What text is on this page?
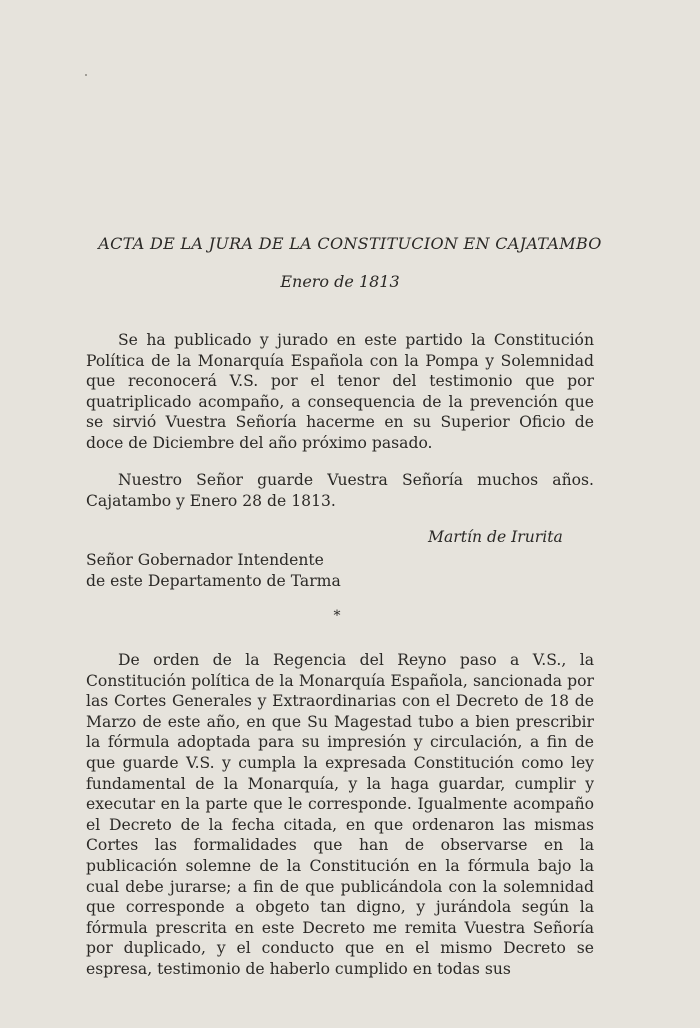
ACTA DE LA JURA DE LA CONSTITUCION EN CAJATAMBO
Enero de 1813

Se ha publicado y jurado en este partido la Constitución Política de la Monarquía Española con la Pompa y Solemnidad que reconocerá V.S. por el tenor del testimonio que por quatriplicado acompaño, a consequencia de la prevención que se sirvió Vuestra Señoría hacerme en su Superior Oficio de doce de Diciembre del año próximo pasado.

Nuestro Señor guarde Vuestra Señoría muchos años. Cajatambo y Enero 28 de 1813.

Martín de Irurita
Señor Gobernador Intendente
de este Departamento de Tarma
*

De orden de la Regencia del Reyno paso a V.S., la Constitución política de la Monarquía Española, sancionada por las Cortes Generales y Extraordinarias con el Decreto de 18 de Marzo de este año, en que Su Magestad tubo a bien prescribir la fórmula adoptada para su impresión y circulación, a fin de que guarde V.S. y cumpla la expresada Constitución como ley fundamental de la Monarquía, y la haga guardar, cumplir y executar en la parte que le corresponde. Igualmente acompaño el Decreto de la fecha citada, en que ordenaron las mismas Cortes las formalidades que han de observarse en la publicación solemne de la Constitución en la fórmula bajo la cual debe jurarse; a fin de que publicándola con la solemnidad que corresponde a obgeto tan digno, y jurándola según la fórmula prescrita en este Decreto me remita Vuestra Señoría por duplicado, y el conducto que en el mismo Decreto se espresa, testimonio de haberlo cumplido en todas sus
